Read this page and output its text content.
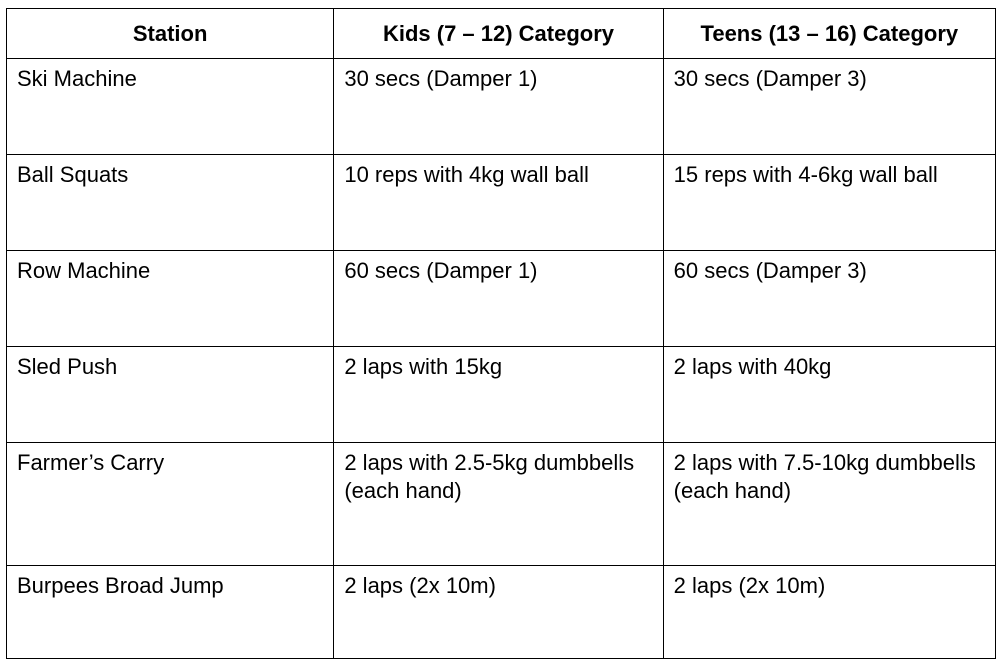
Station	Kids (7 – 12) Category	Teens (13 – 16) Category
Ski Machine	30 secs (Damper 1)	30 secs (Damper 3)
Ball Squats	10 reps with 4kg wall ball	15 reps with 4-6kg wall ball
Row Machine	60 secs (Damper 1)	60 secs (Damper 3)
Sled Push	2 laps with 15kg	2 laps with 40kg
Farmer’s Carry	2 laps with 2.5-5kg dumbbells (each hand)	2 laps with 7.5-10kg dumbbells (each hand)
Burpees Broad Jump	2 laps (2x 10m)	2 laps (2x 10m)
